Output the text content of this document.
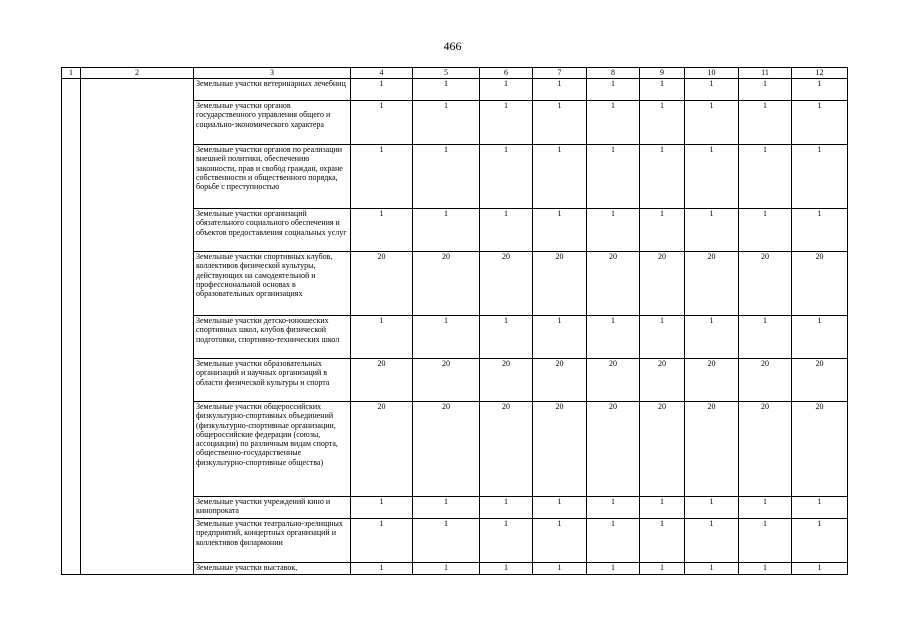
466
1	2	3	4	5	6	7	8	9	10	11	12
		Земельные участки ветеринарных лечебниц	1	1	1	1	1	1	1	1	1
		Земельные участки органов государственного управления общего и социально-экономического характера	1	1	1	1	1	1	1	1	1
		Земельные участки органов по реализации внешней политики, обеспечению законности, прав и свобод граждан, охране собственности и общественного порядка, борьбе с преступностью	1	1	1	1	1	1	1	1	1
		Земельные участки организаций обязательного социального обеспечения и объектов предоставления социальных услуг	1	1	1	1	1	1	1	1	1
		Земельные участки спортивных клубов, коллективов физической культуры, действующих на самодеятельной и профессиональной основах в образовательных организациях	20	20	20	20	20	20	20	20	20
		Земельные участки детско-юношеских спортивных школ, клубов физической подготовки, спортивно-технических школ	1	1	1	1	1	1	1	1	1
		Земельные участки образовательных организаций и научных организаций в области физической культуры и спорта	20	20	20	20	20	20	20	20	20
		Земельные участки общероссийских физкультурно-спортивных объединений (физкультурно-спортивные организации, общероссийские федерации (союзы, ассоциации) по различным видам спорта, общественно-государственные физкультурно-спортивные общества)	20	20	20	20	20	20	20	20	20
		Земельные участки учреждений кино и кинопроката	1	1	1	1	1	1	1	1	1
		Земельные участки театрально-зрелищных предприятий, концертных организаций и коллективов филармонии	1	1	1	1	1	1	1	1	1
		Земельные участки выставок,	1	1	1	1	1	1	1	1	1
